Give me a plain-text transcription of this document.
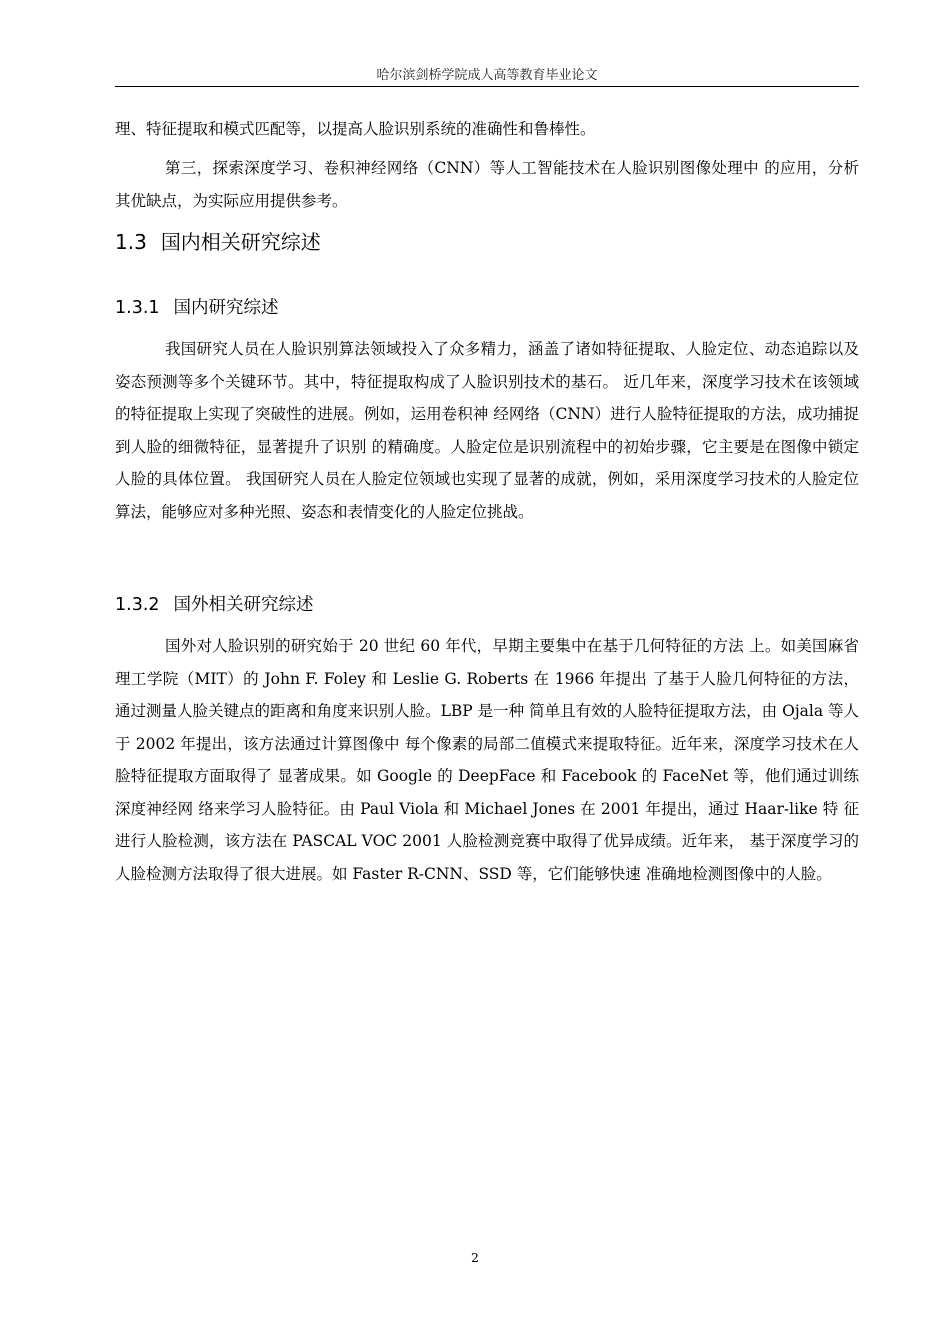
哈尔滨剑桥学院成人高等教育毕业论文
理、特征提取和模式匹配等，以提高人脸识别系统的准确性和鲁棒性。
第三，探索深度学习、卷积神经网络（CNN）等人工智能技术在人脸识别图像处理中 的应用，分析其优缺点，为实际应用提供参考。
1.3 国内相关研究综述
1.3.1 国内研究综述
我国研究人员在人脸识别算法领域投入了众多精力，涵盖了诸如特征提取、人脸定位、动态追踪以及姿态预测等多个关键环节。其中，特征提取构成了人脸识别技术的基石。 近几年来，深度学习技术在该领域的特征提取上实现了突破性的进展。例如，运用卷积神 经网络（CNN）进行人脸特征提取的方法，成功捕捉到人脸的细微特征，显著提升了识别 的精确度。人脸定位是识别流程中的初始步骤，它主要是在图像中锁定人脸的具体位置。 我国研究人员在人脸定位领域也实现了显著的成就，例如，采用深度学习技术的人脸定位 算法，能够应对多种光照、姿态和表情变化的人脸定位挑战。
1.3.2 国外相关研究综述
国外对人脸识别的研究始于 20 世纪 60 年代，早期主要集中在基于几何特征的方法 上。如美国麻省理工学院（MIT）的 John F. Foley 和 Leslie G. Roberts 在 1966 年提出 了基于人脸几何特征的方法，通过测量人脸关键点的距离和角度来识别人脸。LBP 是一种 简单且有效的人脸特征提取方法，由 Ojala 等人于 2002 年提出，该方法通过计算图像中 每个像素的局部二值模式来提取特征。近年来，深度学习技术在人脸特征提取方面取得了 显著成果。如 Google 的 DeepFace 和 Facebook 的 FaceNet 等，他们通过训练深度神经网 络来学习人脸特征。由 Paul Viola 和 Michael Jones 在 2001 年提出，通过 Haar-like 特 征进行人脸检测，该方法在 PASCAL VOC 2001 人脸检测竞赛中取得了优异成绩。近年来， 基于深度学习的人脸检测方法取得了很大进展。如 Faster R-CNN、SSD 等，它们能够快速 准确地检测图像中的人脸。
2
